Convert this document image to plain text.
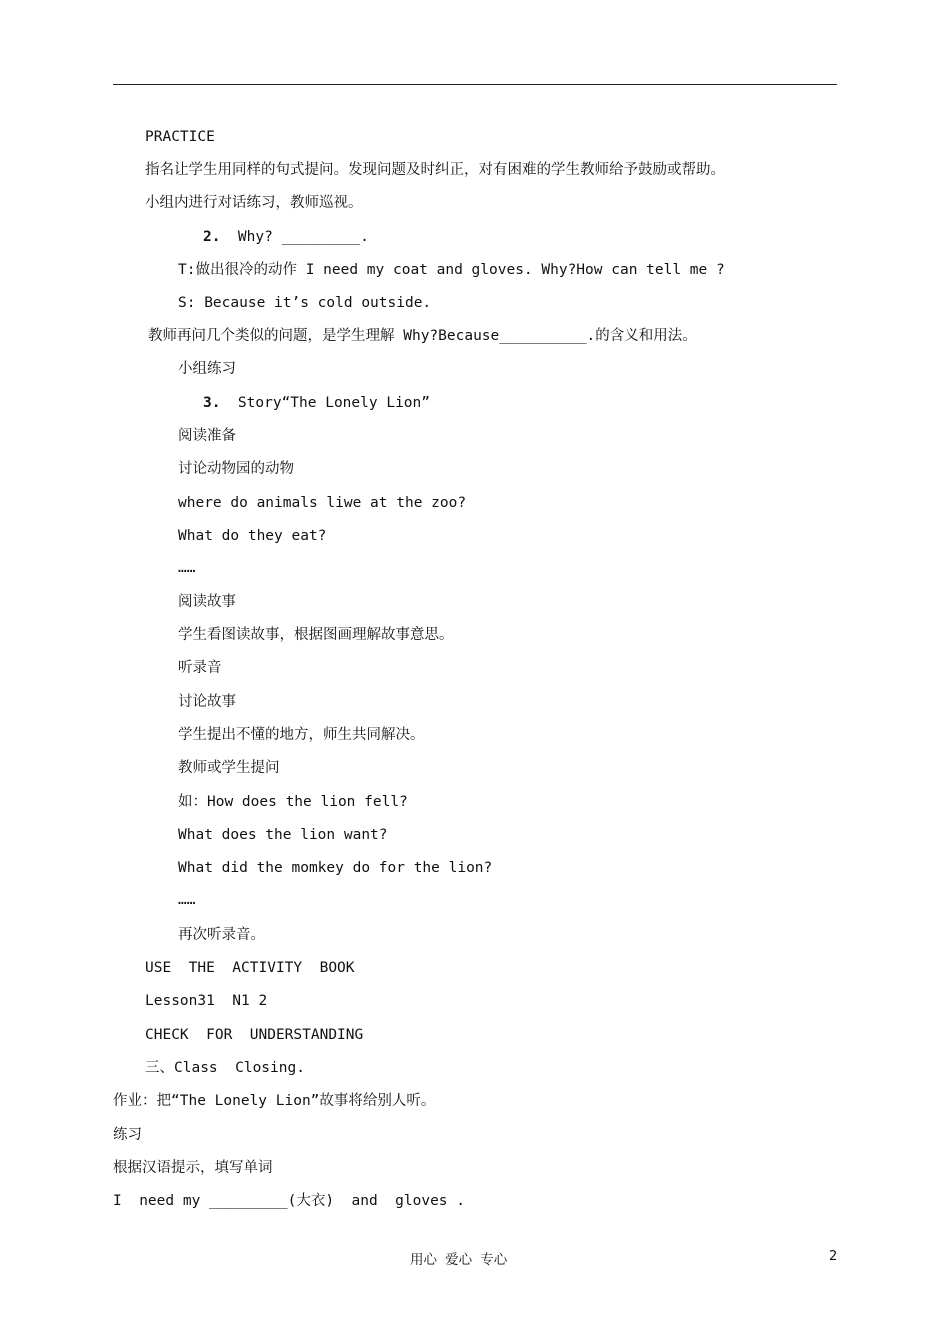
PRACTICE
指名让学生用同样的句式提问。发现问题及时纠正，对有困难的学生教师给予鼓励或帮助。
小组内进行对话练习，教师巡视。
2.  Why? _________.
T:做出很冷的动作 I need my coat and gloves. Why?How can tell me ?
S: Because it’s cold outside.
教师再问几个类似的问题，是学生理解 Why?Because__________.的含义和用法。
小组练习
3.  Story“The Lonely Lion”
阅读准备
讨论动物园的动物
where do animals liwe at the zoo?
What do they eat?
……
阅读故事
学生看图读故事，根据图画理解故事意思。
听录音
讨论故事
学生提出不懂的地方，师生共同解决。
教师或学生提问
如：How does the lion fell?
What does the lion want?
What did the momkey do for the lion?
……
再次听录音。
USE  THE  ACTIVITY  BOOK
Lesson31  N1 2
CHECK  FOR  UNDERSTANDING
三、Class  Closing.
作业：把“The Lonely Lion”故事将给别人听。
练习
根据汉语提示，填写单词
I  need my _________(大衣)  and  gloves .
用心 爱心 专心	2
